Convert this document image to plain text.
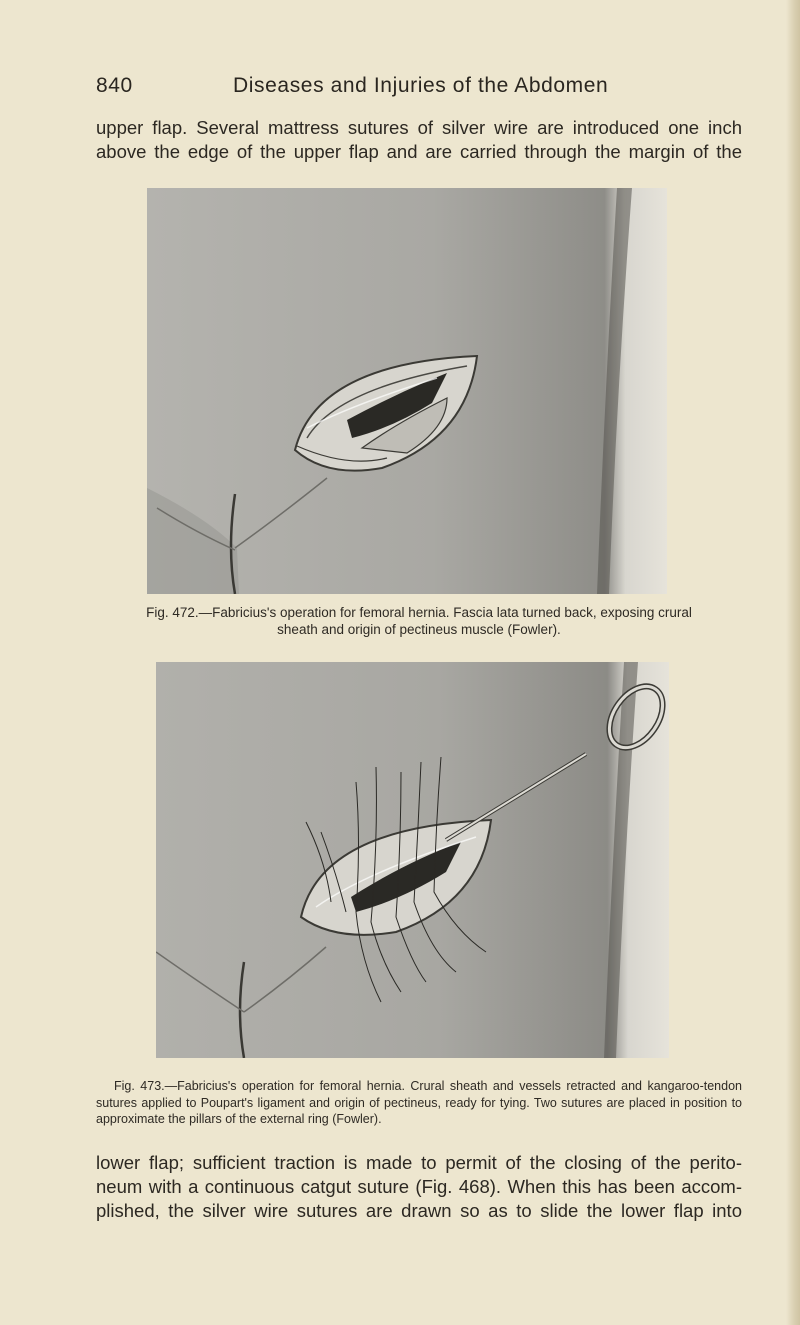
840	Diseases and Injuries of the Abdomen

upper flap. Several mattress sutures of silver wire are introduced one inch
above the edge of the upper flap and are carried through the margin of the

Fig. 472.—Fabricius's operation for femoral hernia. Fascia lata turned back, exposing crural
sheath and origin of pectineus muscle (Fowler).

Fig. 473.—Fabricius's operation for femoral hernia. Crural sheath and vessels retracted and kangaroo-tendon sutures applied to Poupart's ligament and origin of pectineus, ready for tying. Two sutures are placed in position to approximate the pillars of the external ring (Fowler).

lower flap; sufficient traction is made to permit of the closing of the perito-
neum with a continuous catgut suture (Fig. 468). When this has been accom-
plished, the silver wire sutures are drawn so as to slide the lower flap into
